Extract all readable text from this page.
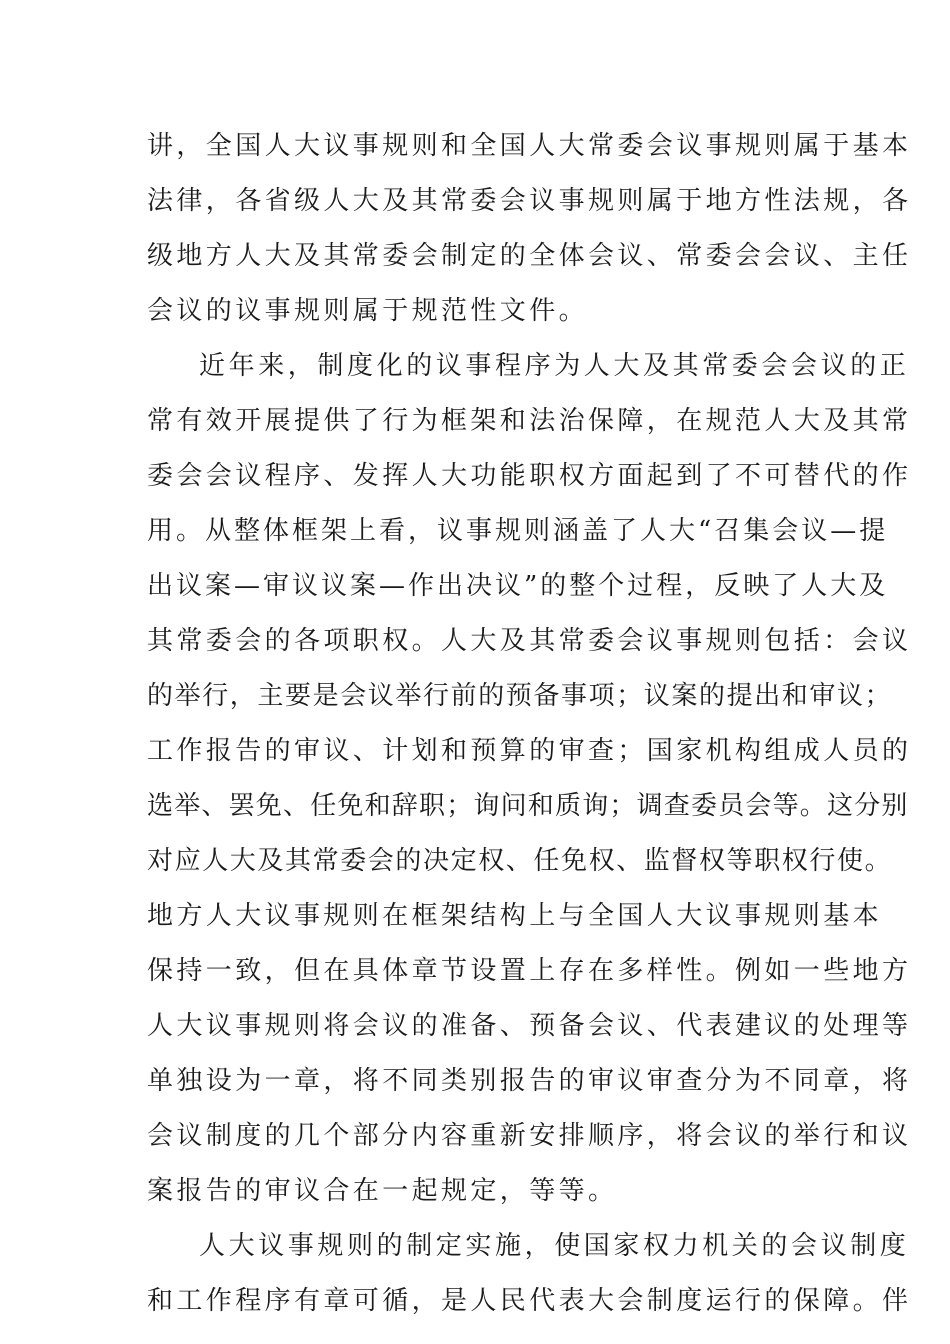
讲，全国人大议事规则和全国人大常委会议事规则属于基本
法律，各省级人大及其常委会议事规则属于地方性法规，各
级地方人大及其常委会制定的全体会议、常委会会议、主任
会议的议事规则属于规范性文件。
近年来，制度化的议事程序为人大及其常委会会议的正
常有效开展提供了行为框架和法治保障，在规范人大及其常
委会会议程序、发挥人大功能职权方面起到了不可替代的作
用。从整体框架上看，议事规则涵盖了人大“召集会议—提
出议案—审议议案—作出决议”的整个过程，反映了人大及
其常委会的各项职权。人大及其常委会议事规则包括：会议
的举行，主要是会议举行前的预备事项；议案的提出和审议；
工作报告的审议、计划和预算的审查；国家机构组成人员的
选举、罢免、任免和辞职；询问和质询；调查委员会等。这分别
对应人大及其常委会的决定权、任免权、监督权等职权行使。
地方人大议事规则在框架结构上与全国人大议事规则基本
保持一致，但在具体章节设置上存在多样性。例如一些地方
人大议事规则将会议的准备、预备会议、代表建议的处理等
单独设为一章，将不同类别报告的审议审查分为不同章，将
会议制度的几个部分内容重新安排顺序，将会议的举行和议
案报告的审议合在一起规定，等等。
人大议事规则的制定实施，使国家权力机关的会议制度
和工作程序有章可循，是人民代表大会制度运行的保障。伴
